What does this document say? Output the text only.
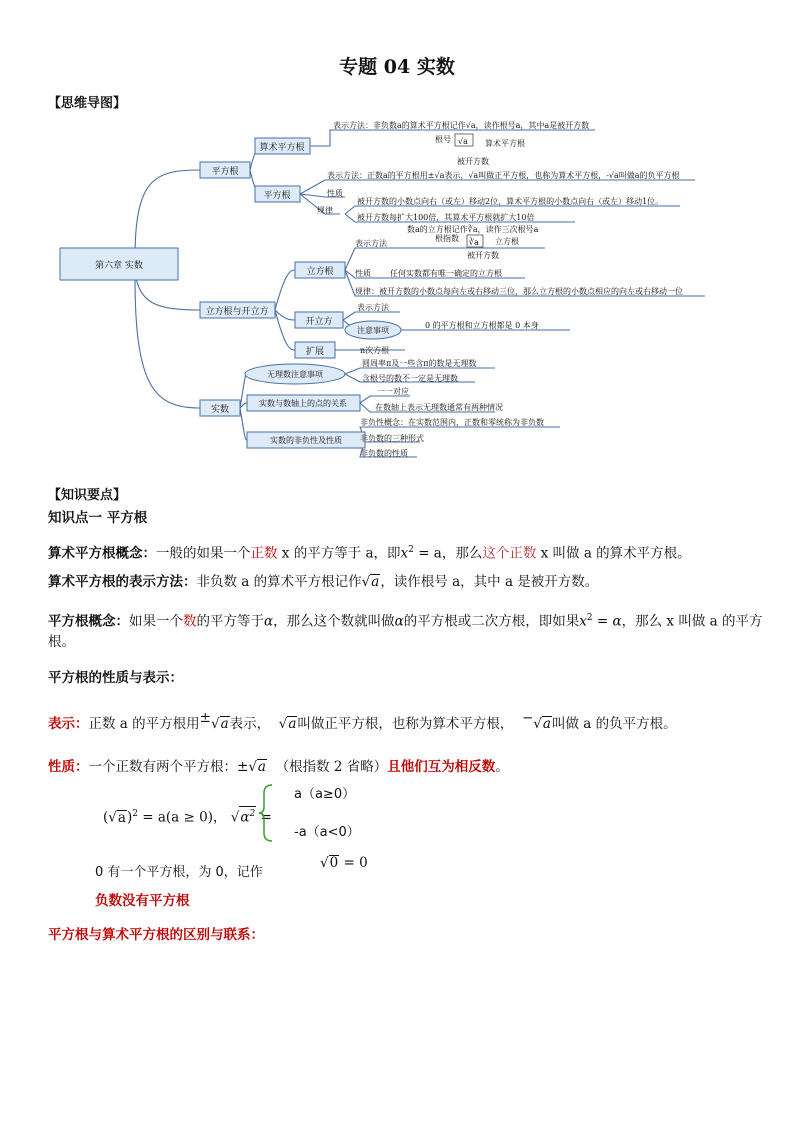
专题 04 实数
【思维导图】
第六章 实数
平方根
算术平方根
表示方法：非负数a的算术平方根记作√a，读作根号a，其中a是被开方数
根号 √a
被开方数
算术平方根
平方根
表示方法：正数a的平方根用±√a表示，√a叫做正平方根，也称为算术平方根，-√a叫做a的负平方根
性质
规律
被开方数的小数点向右（或左）移动2位，算术平方根的小数点向右（或左）移动1位。
被开方数每扩大100倍，其算术平方根就扩大10倍
立方根与开立方
立方根
表示方法
数a的立方根记作∛a，读作三次根号a
根指数 ∛a 立方根
被开方数
性质 任何实数都有唯一确定的立方根
规律：被开方数的小数点每向左或右移动三位，那么立方根的小数点相应的向左或右移动一位
开立方
表示方法
注意事项
0 的平方根和立方根都是 0 本身
扩展	n次方根
实数
无理数注意事项
圆周率π及一些含π的数是无理数
含根号的数不一定是无理数
实数与数轴上的点的关系
一一对应
在数轴上表示无理数通常有两种情况
实数的非负性及性质
非负性概念：在实数范围内，正数和零统称为非负数
非负数的三种形式
非负数的性质
【知识要点】
知识点一 平方根
算术平方根概念：一般的如果一个正数 x 的平方等于 a，即$x^2 = a$，那么这个正数 x 叫做 a 的算术平方根。
算术平方根的表示方法：非负数 a 的算术平方根记作√a，读作根号 a，其中 a 是被开方数。
平方根概念：如果一个数的平方等于α，那么这个数就叫做α的平方根或二次方根，即如果$x^2 = \alpha$，那么 x 叫做 a 的平方
根。
平方根的性质与表示：
表示：正数 a 的平方根用±√a表示， √a叫做正平方根，也称为算术平方根， −√a叫做 a 的负平方根。
性质：一个正数有两个平方根：±√a （根指数 2 省略）且他们互为相反数。
$(√a)^2 = a(a \ge 0)$， $√\alpha^2$ =
a（a≥0）
-a（a<0）
0 有一个平方根，为 0，记作
√0 = 0
负数没有平方根
平方根与算术平方根的区别与联系：
